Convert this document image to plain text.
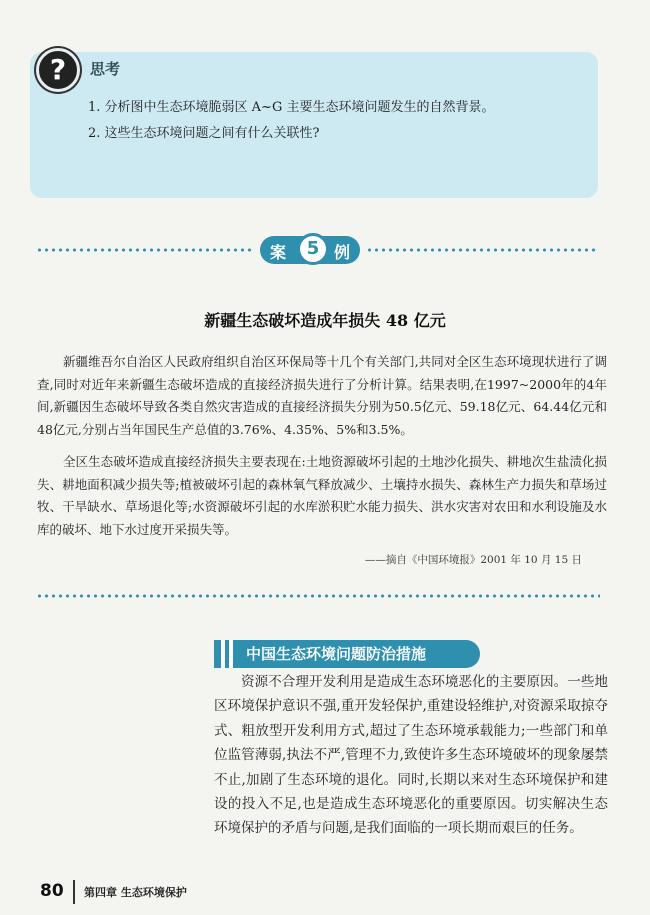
?	思考
1. 分析图中生态环境脆弱区 A~G 主要生态环境问题发生的自然背景。
2. 这些生态环境问题之间有什么关联性?
案	5 例
新疆生态破坏造成年损失 48 亿元

新疆维吾尔自治区人民政府组织自治区环保局等十几个有关部门,共同对全区生态环境现状进行了调查,同时对近年来新疆生态破坏造成的直接经济损失进行了分析计算。结果表明,在1997~2000年的4年间,新疆因生态破坏导致各类自然灾害造成的直接经济损失分别为50.5亿元、59.18亿元、64.44亿元和48亿元,分别占当年国民生产总值的3.76%、4.35%、5%和3.5%。

全区生态破坏造成直接经济损失主要表现在:土地资源破坏引起的土地沙化损失、耕地次生盐渍化损失、耕地面积减少损失等;植被破坏引起的森林氧气释放减少、土壤持水损失、森林生产力损失和草场过牧、干旱缺水、草场退化等;水资源破坏引起的水库淤积贮水能力损失、洪水灾害对农田和水利设施及水库的破坏、地下水过度开采损失等。

——摘自《中国环境报》2001 年 10 月 15 日
中国生态环境问题防治措施

资源不合理开发利用是造成生态环境恶化的主要原因。一些地区环境保护意识不强,重开发轻保护,重建设轻维护,对资源采取掠夺式、粗放型开发利用方式,超过了生态环境承载能力;一些部门和单位监管薄弱,执法不严,管理不力,致使许多生态环境破坏的现象屡禁不止,加剧了生态环境的退化。同时,长期以来对生态环境保护和建设的投入不足,也是造成生态环境恶化的重要原因。切实解决生态环境保护的矛盾与问题,是我们面临的一项长期而艰巨的任务。

80 第四章 生态环境保护
